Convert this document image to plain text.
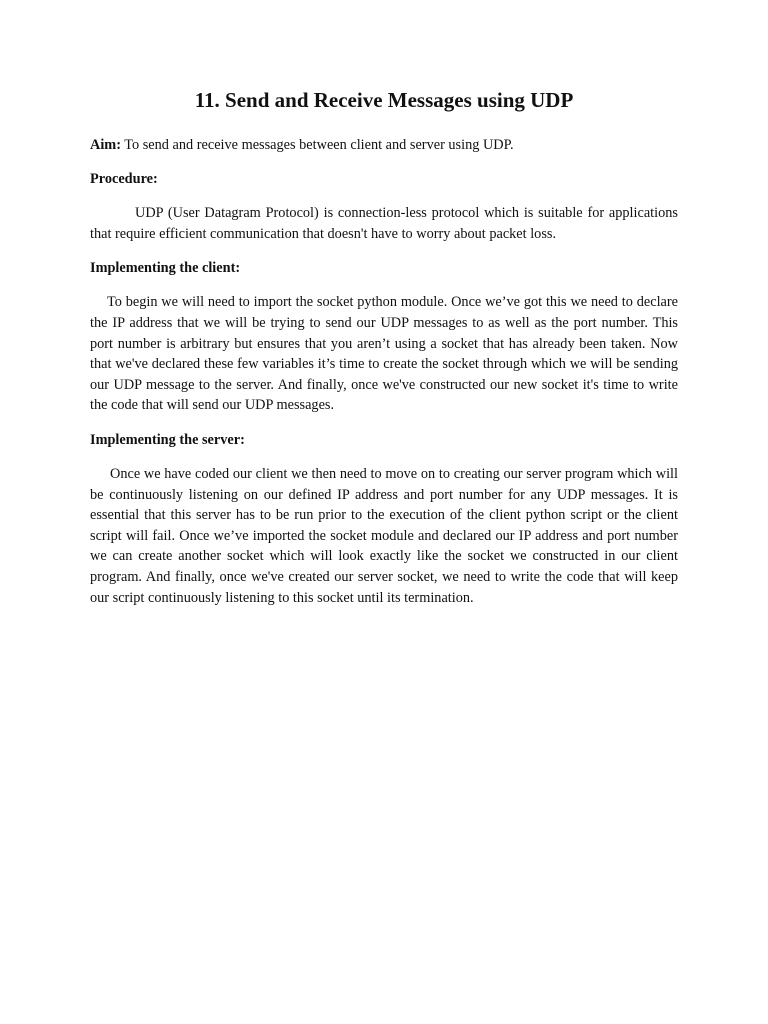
11. Send and Receive Messages using UDP

Aim: To send and receive messages between client and server using UDP.

Procedure:

UDP (User Datagram Protocol) is connection-less protocol which is suitable for applications that require efficient communication that doesn't have to worry about packet loss.

Implementing the client:

To begin we will need to import the socket python module. Once we’ve got this we need to declare the IP address that we will be trying to send our UDP messages to as well as the port number. This port number is arbitrary but ensures that you aren’t using a socket that has already been taken. Now that we've declared these few variables it’s time to create the socket through which we will be sending our UDP message to the server. And finally, once we've constructed our new socket it's time to write the code that will send our UDP messages.

Implementing the server:

Once we have coded our client we then need to move on to creating our server program which will be continuously listening on our defined IP address and port number for any UDP messages. It is essential that this server has to be run prior to the execution of the client python script or the client script will fail. Once we’ve imported the socket module and declared our IP address and port number we can create another socket which will look exactly like the socket we constructed in our client program. And finally, once we've created our server socket, we need to write the code that will keep our script continuously listening to this socket until its termination.
